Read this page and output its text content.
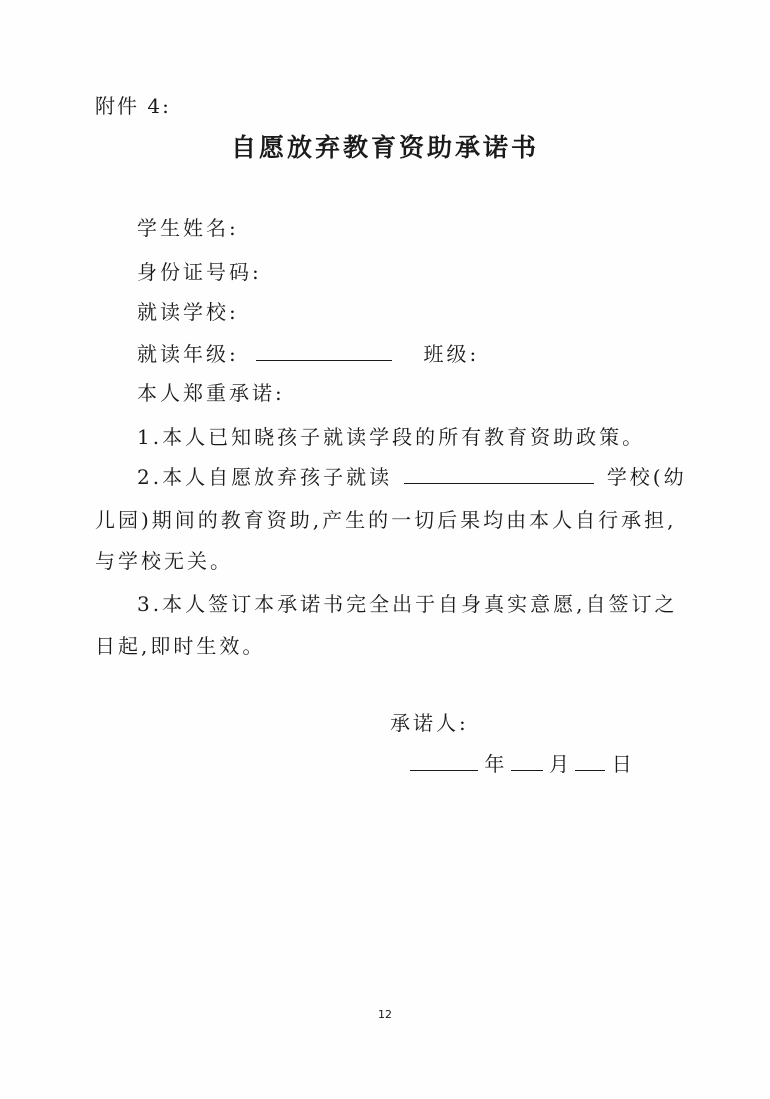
附件 4:
自愿放弃教育资助承诺书
学生姓名:
身份证号码:
就读学校:
就读年级:	班级:
本人郑重承诺:
1.本人已知晓孩子就读学段的所有教育资助政策。
2.本人自愿放弃孩子就读	学校(幼
儿园)期间的教育资助,产生的一切后果均由本人自行承担,
与学校无关。
3.本人签订本承诺书完全出于自身真实意愿,自签订之
日起,即时生效。
承诺人:
年 月 日
12
